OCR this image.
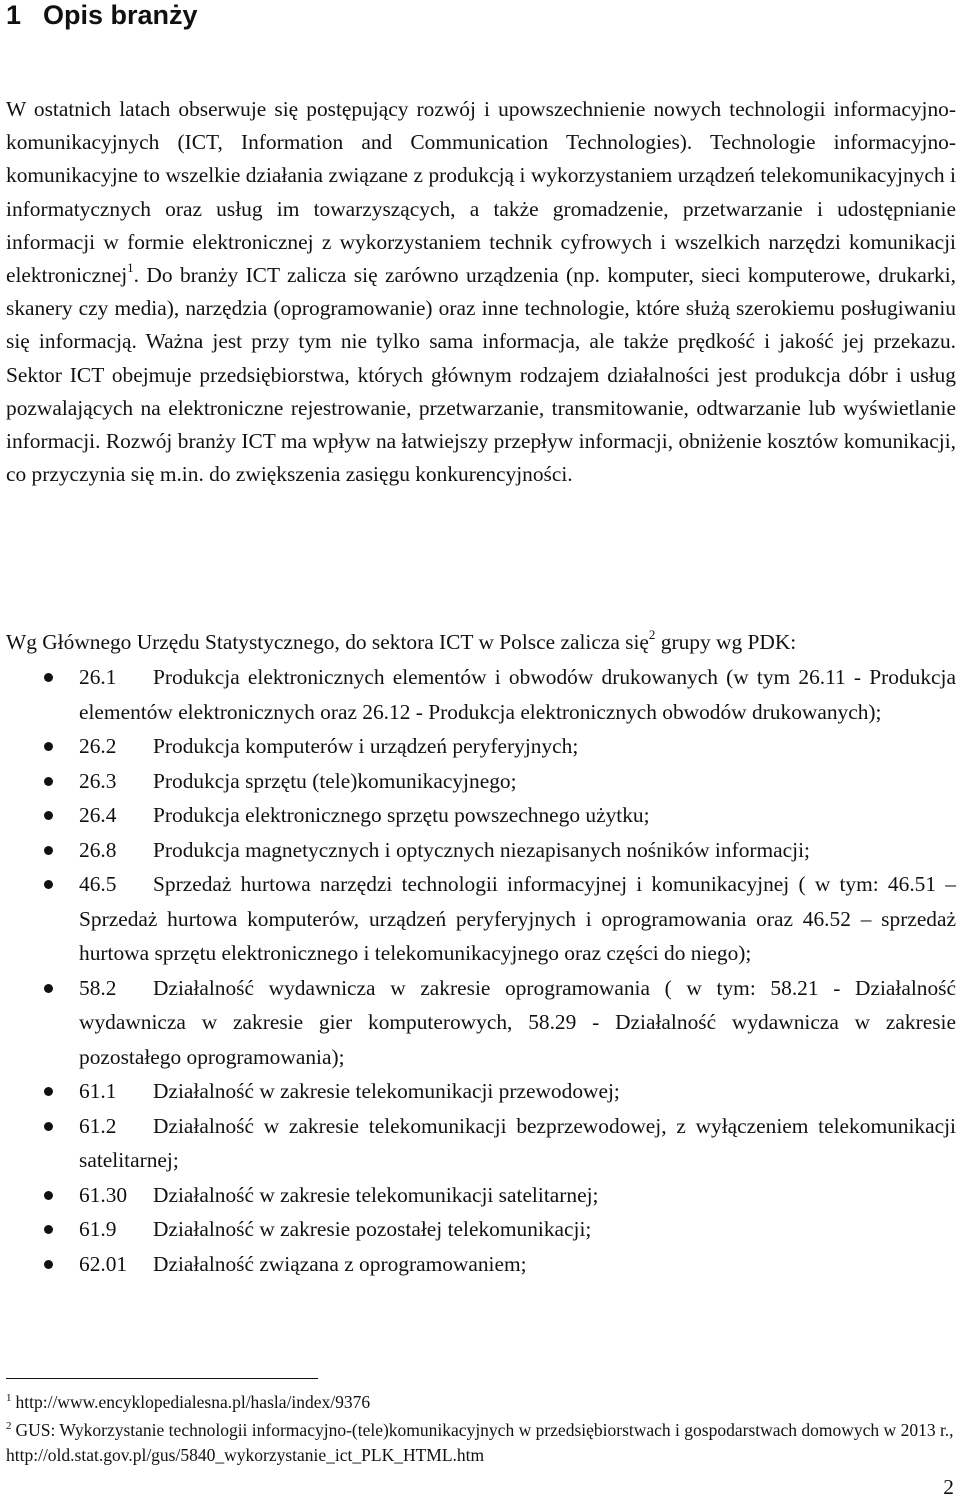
1 Opis branży

W ostatnich latach obserwuje się postępujący rozwój i upowszechnienie nowych technologii informacyjno-komunikacyjnych (ICT, Information and Communication Technologies). Technologie informacyjno-komunikacyjne to wszelkie działania związane z produkcją i wykorzystaniem urządzeń telekomunikacyjnych i informatycznych oraz usług im towarzyszących, a także gromadzenie, przetwarzanie i udostępnianie informacji w formie elektronicznej z wykorzystaniem technik cyfrowych i wszelkich narzędzi komunikacji elektronicznej$^1$. Do branży ICT zalicza się zarówno urządzenia (np. komputer, sieci komputerowe, drukarki, skanery czy media), narzędzia (oprogramowanie) oraz inne technologie, które służą szerokiemu posługiwaniu się informacją. Ważna jest przy tym nie tylko sama informacja, ale także prędkość i jakość jej przekazu. Sektor ICT obejmuje przedsiębiorstwa, których głównym rodzajem działalności jest produkcja dóbr i usług pozwalających na elektroniczne rejestrowanie, przetwarzanie, transmitowanie, odtwarzanie lub wyświetlanie informacji. Rozwój branży ICT ma wpływ na łatwiejszy przepływ informacji, obniżenie kosztów komunikacji, co przyczynia się m.in. do zwiększenia zasięgu konkurencyjności.

Wg Głównego Urzędu Statystycznego, do sektora ICT w Polsce zalicza się$^2$ grupy wg PDK:

26.1 Produkcja elektronicznych elementów i obwodów drukowanych (w tym 26.11 - Produkcja elementów elektronicznych oraz 26.12 - Produkcja elektronicznych obwodów drukowanych);
26.2 Produkcja komputerów i urządzeń peryferyjnych;
26.3 Produkcja sprzętu (tele)komunikacyjnego;
26.4 Produkcja elektronicznego sprzętu powszechnego użytku;
26.8 Produkcja magnetycznych i optycznych niezapisanych nośników informacji;
46.5 Sprzedaż hurtowa narzędzi technologii informacyjnej i komunikacyjnej ( w tym: 46.51 – Sprzedaż hurtowa komputerów, urządzeń peryferyjnych i oprogramowania oraz 46.52 – sprzedaż hurtowa sprzętu elektronicznego i telekomunikacyjnego oraz części do niego);
58.2 Działalność wydawnicza w zakresie oprogramowania ( w tym: 58.21 - Działalność wydawnicza w zakresie gier komputerowych, 58.29 - Działalność wydawnicza w zakresie pozostałego oprogramowania);
61.1 Działalność w zakresie telekomunikacji przewodowej;
61.2 Działalność w zakresie telekomunikacji bezprzewodowej, z wyłączeniem telekomunikacji satelitarnej;
61.30 Działalność w zakresie telekomunikacji satelitarnej;
61.9 Działalność w zakresie pozostałej telekomunikacji;
62.01 Działalność związana z oprogramowaniem;

$^1$ http://www.encyklopedialesna.pl/hasla/index/9376

$^2$ GUS: Wykorzystanie technologii informacyjno-(tele)komunikacyjnych w przedsiębiorstwach i gospodarstwach domowych w 2013 r., http://old.stat.gov.pl/gus/5840_wykorzystanie_ict_PLK_HTML.htm

2
